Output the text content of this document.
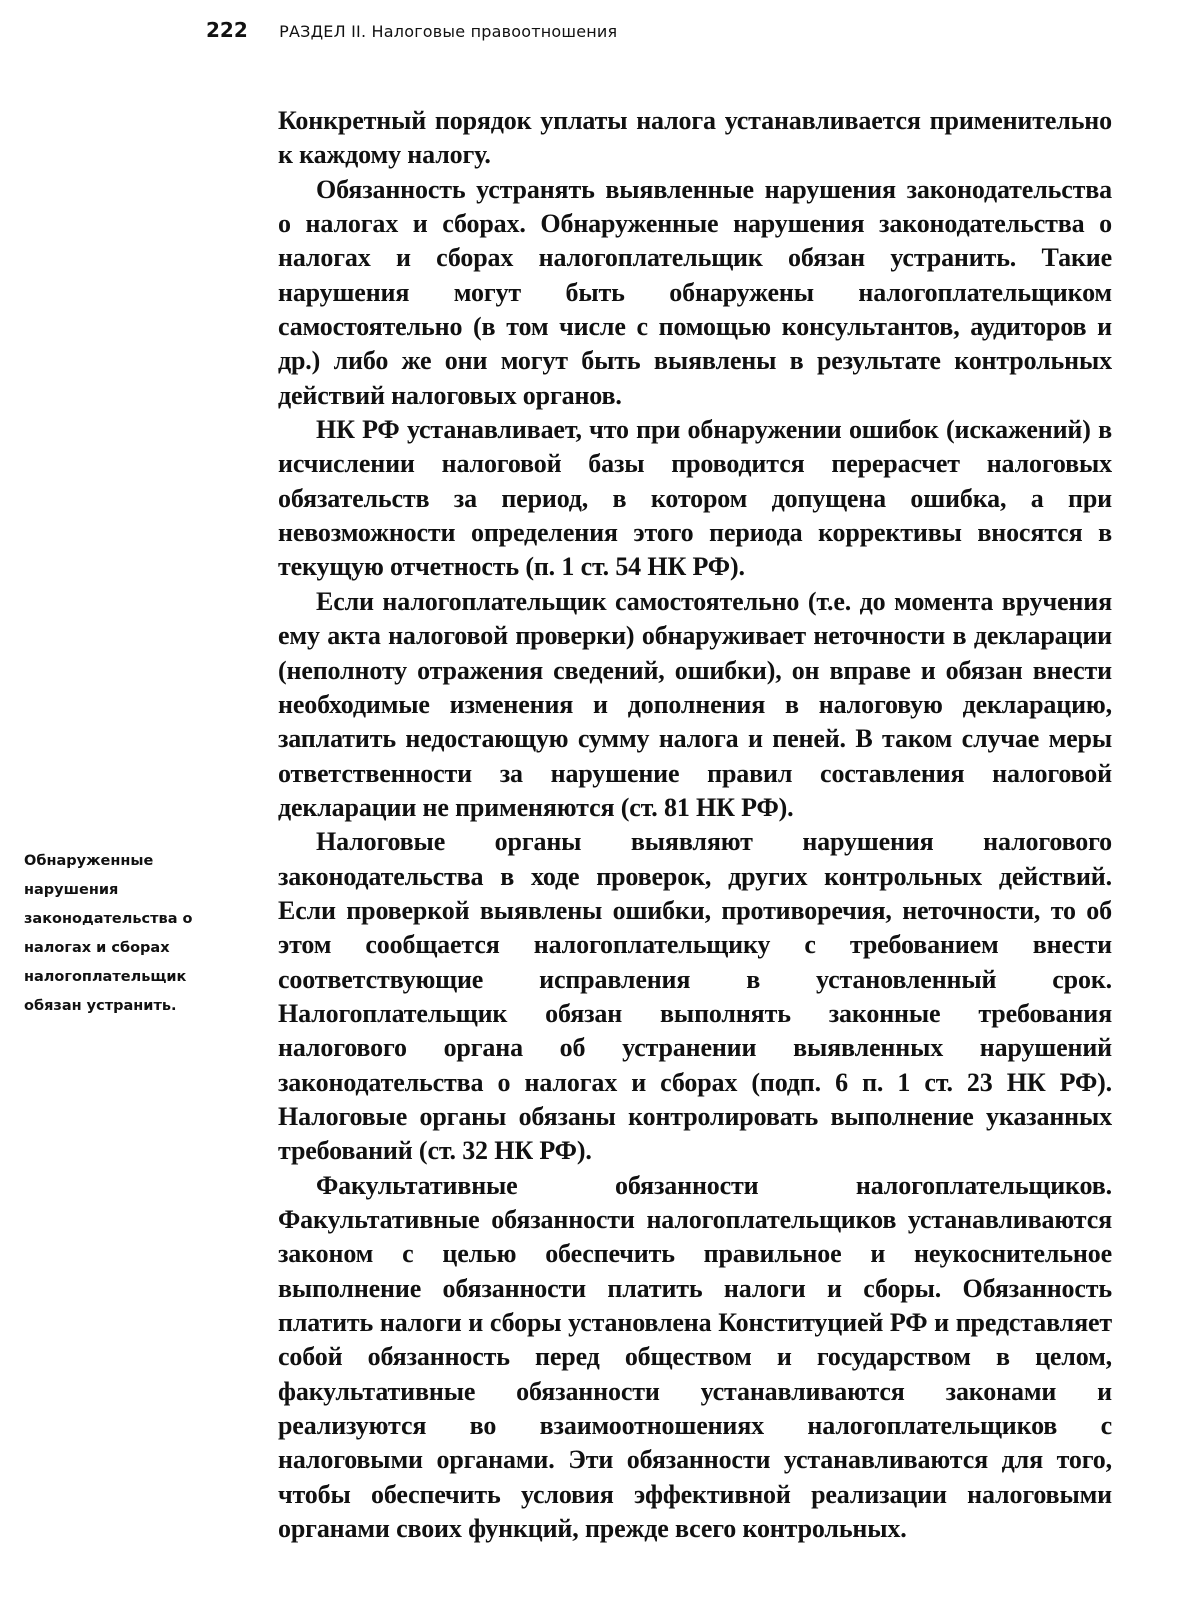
222 РАЗДЕЛ II. Налоговые правоотношения

Обнаруженные нарушения законодательства о налогах и сборах налогоплательщик обязан устранить.

Конкретный порядок уплаты налога устанавливается применительно к каждому налогу.

Обязанность устранять выявленные нарушения законодательства о налогах и сборах. Обнаруженные нарушения законодательства о налогах и сборах налогоплательщик обязан устранить. Такие нарушения могут быть обнаружены налогоплательщиком самостоятельно (в том числе с помощью консультантов, аудиторов и др.) либо же они могут быть выявлены в результате контрольных действий налоговых органов.

НК РФ устанавливает, что при обнаружении ошибок (искажений) в исчислении налоговой базы проводится перерасчет налоговых обязательств за период, в котором допущена ошибка, а при невозможности определения этого периода коррективы вносятся в текущую отчетность (п. 1 ст. 54 НК РФ).

Если налогоплательщик самостоятельно (т.е. до момента вручения ему акта налоговой проверки) обнаруживает неточности в декларации (неполноту отражения сведений, ошибки), он вправе и обязан внести необходимые изменения и дополнения в налоговую декларацию, заплатить недостающую сумму налога и пеней. В таком случае меры ответственности за нарушение правил составления налоговой декларации не применяются (ст. 81 НК РФ).

Налоговые органы выявляют нарушения налогового законодательства в ходе проверок, других контрольных действий. Если проверкой выявлены ошибки, противоречия, неточности, то об этом сообщается налогоплательщику с требованием внести соответствующие исправления в установленный срок. Налогоплательщик обязан выполнять законные требования налогового органа об устранении выявленных нарушений законодательства о налогах и сборах (подп. 6 п. 1 ст. 23 НК РФ). Налоговые органы обязаны контролировать выполнение указанных требований (ст. 32 НК РФ).

Факультативные обязанности налогоплательщиков. Факультативные обязанности налогоплательщиков устанавливаются законом с целью обеспечить правильное и неукоснительное выполнение обязанности платить налоги и сборы. Обязанность платить налоги и сборы установлена Конституцией РФ и представляет собой обязанность перед обществом и государством в целом, факультативные обязанности устанавливаются законами и реализуются во взаимоотношениях налогоплательщиков с налоговыми органами. Эти обязанности устанавливаются для того, чтобы обеспечить условия эффективной реализации налоговыми органами своих функций, прежде всего контрольных.
